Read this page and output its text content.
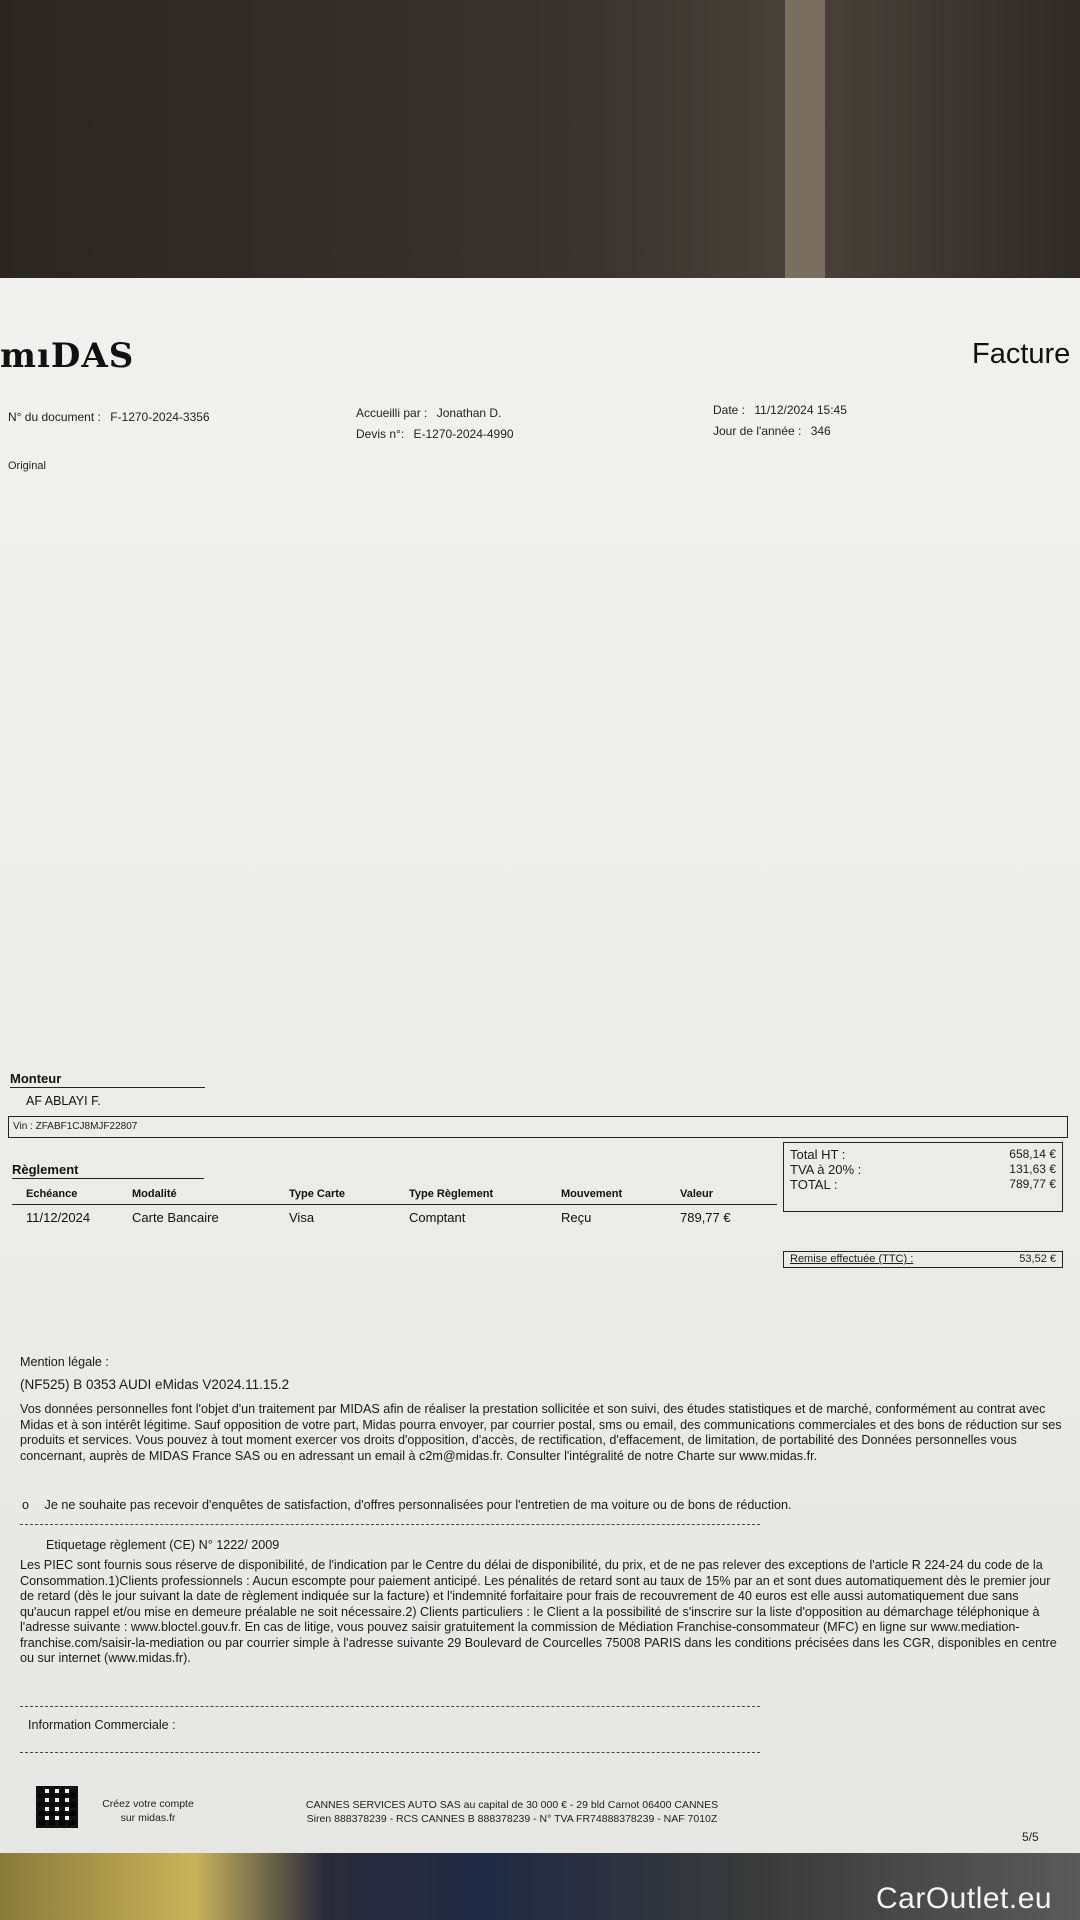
mıDAS	Facture
N° du document : F-1270-2024-3356
Original
Accueilli par : Jonathan D.
Devis n°: E-1270-2024-4990
Date : 11/12/2024 15:45
Jour de l'année : 346
Monteur
AF ABLAYI F.
Vin : ZFABF1CJ8MJF22807
Règlement
Echéance	Modalité	Type Carte	Type Règlement	Mouvement	Valeur
11/12/2024	Carte Bancaire	Visa	Comptant	Reçu	789,77 €
Total HT :	658,14 €
TVA à 20% :	131,63 €
TOTAL :	789,77 €
Remise effectuée (TTC) :	53,52 €
Mention légale :
(NF525) B 0353 AUDI eMidas V2024.11.15.2
Vos données personnelles font l'objet d'un traitement par MIDAS afin de réaliser la prestation sollicitée et son suivi, des études statistiques et de marché, conformément au contrat avec Midas et à son intérêt légitime. Sauf opposition de votre part, Midas pourra envoyer, par courrier postal, sms ou email, des communications commerciales et des bons de réduction sur ses produits et services. Vous pouvez à tout moment exercer vos droits d'opposition, d'accès, de rectification, d'effacement, de limitation, de portabilité des Données personnelles vous concernant, auprès de MIDAS France SAS ou en adressant un email à c2m@midas.fr. Consulter l'intégralité de notre Charte sur www.midas.fr.
o Je ne souhaite pas recevoir d'enquêtes de satisfaction, d'offres personnalisées pour l'entretien de ma voiture ou de bons de réduction.
Etiquetage règlement (CE) N° 1222/ 2009
Les PIEC sont fournis sous réserve de disponibilité, de l'indication par le Centre du délai de disponibilité, du prix, et de ne pas relever des exceptions de l'article R 224-24 du code de la Consommation.1)Clients professionnels : Aucun escompte pour paiement anticipé. Les pénalités de retard sont au taux de 15% par an et sont dues automatiquement dès le premier jour de retard (dès le jour suivant la date de règlement indiquée sur la facture) et l'indemnité forfaitaire pour frais de recouvrement de 40 euros est elle aussi automatiquement due sans qu'aucun rappel et/ou mise en demeure préalable ne soit nécessaire.2) Clients particuliers : le Client a la possibilité de s'inscrire sur la liste d'opposition au démarchage téléphonique à l'adresse suivante : www.bloctel.gouv.fr. En cas de litige, vous pouvez saisir gratuitement la commission de Médiation Franchise-consommateur (MFC) en ligne sur www.mediation-franchise.com/saisir-la-mediation ou par courrier simple à l'adresse suivante 29 Boulevard de Courcelles 75008 PARIS dans les conditions précisées dans les CGR, disponibles en centre ou sur internet (www.midas.fr).
Information Commerciale :
Créez votre compte
sur midas.fr
CANNES SERVICES AUTO SAS au capital de 30 000 € - 29 bld Carnot 06400 CANNES
Siren 888378239 - RCS CANNES B 888378239 - N° TVA FR74888378239 - NAF 7010Z
5/5
CarOutlet.eu
